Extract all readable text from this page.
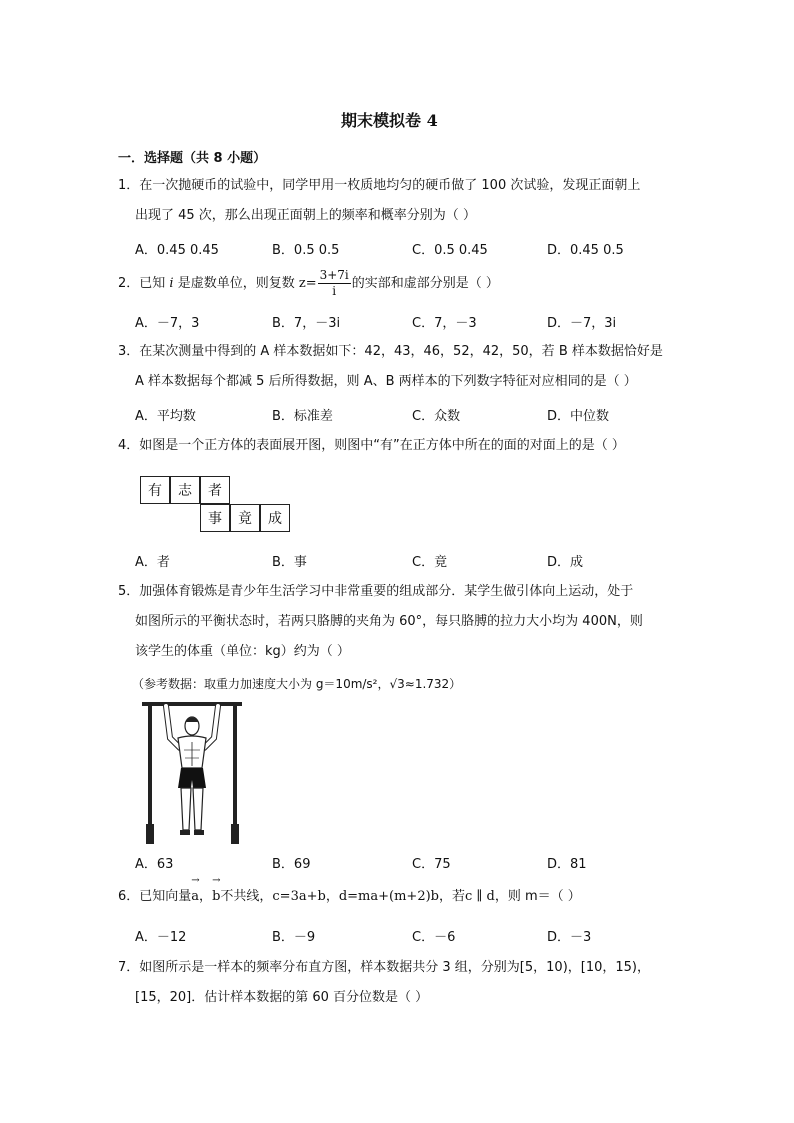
期末模拟卷 4
一．选择题（共 8 小题）
1．在一次抛硬币的试验中，同学甲用一枚质地均匀的硬币做了 100 次试验，发现正面朝上
出现了 45 次，那么出现正面朝上的频率和概率分别为（ ）
A．0.45 0.45	B．0.5 0.5	C．0.5 0.45	D．0.45 0.5
2．已知 i 是虚数单位，则复数 $z= \frac{3+7i}{i}$ 的实部和虚部分别是（ ）
A．－7，3	B．7，－3i	C．7，－3	D．－7，3i
3．在某次测量中得到的 A 样本数据如下：42，43，46，52，42，50，若 B 样本数据恰好是
A 样本数据每个都减 5 后所得数据，则 A、B 两样本的下列数字特征对应相同的是（ ）
A．平均数	B．标准差	C．众数	D．中位数
4．如图是一个正方体的表面展开图，则图中“有”在正方体中所在的面的对面上的是（ ）
有	志	者
事	竟	成
A．者	B．事	C．竟	D．成
5．加强体育锻炼是青少年生活学习中非常重要的组成部分．某学生做引体向上运动，处于
如图所示的平衡状态时，若两只胳膊的夹角为 60°，每只胳膊的拉力大小均为 400N，则
该学生的体重（单位：kg）约为（ ）
（参考数据：取重力加速度大小为 g＝10m/s²，√3≈1.732）
A．63	B．69	C．75	D．81
6．已知向量→ a，→ b不共线，c=3a+b，d=ma+(m+2)b，若c ∥ d，则 m＝（ ）
A．－12	B．－9	C．－6	D．－3
7．如图所示是一样本的频率分布直方图，样本数据共分 3 组，分别为[5，10)，[10，15)，
[15，20]．估计样本数据的第 60 百分位数是（ ）
